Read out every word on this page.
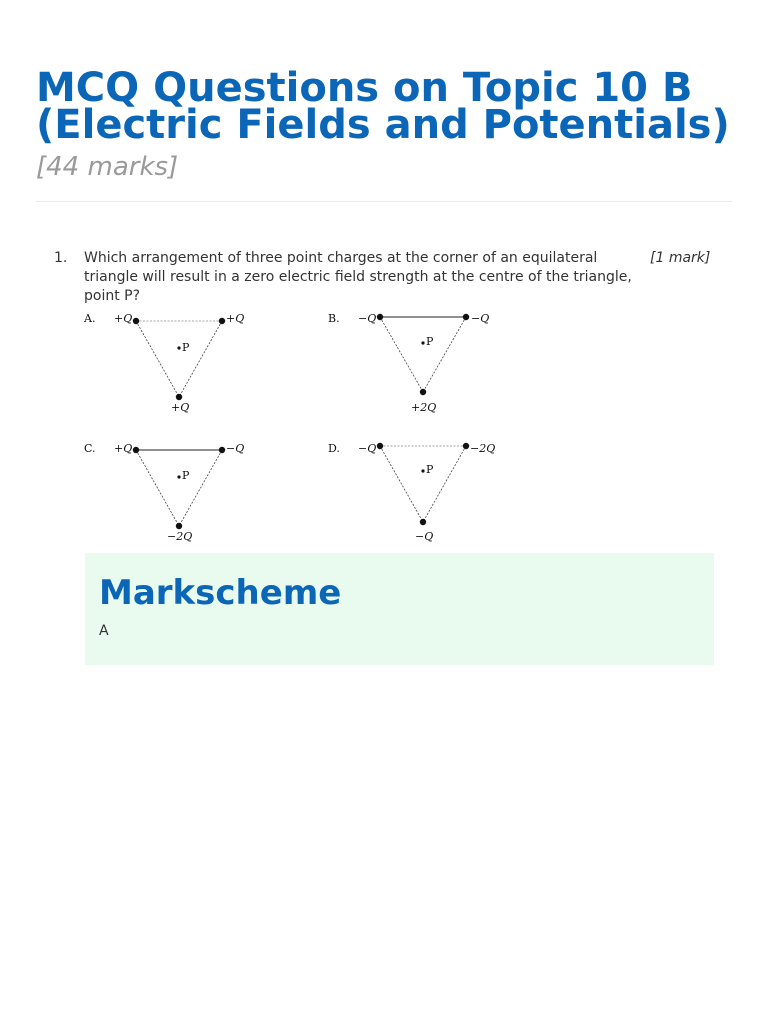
MCQ Questions on Topic 10 B (Electric Fields and Potentials) [44 marks]
1. Which arrangement of three point charges at the corner of an equilateral triangle will result in a zero electric field strength at the centre of the triangle, point P?
[1 mark]
A. +Q	+Q
+Q
P
B. −Q	−Q
+2Q
P
C. +Q	−Q
−2Q
P
D. −Q	−2Q
−Q
P
Markscheme
A
